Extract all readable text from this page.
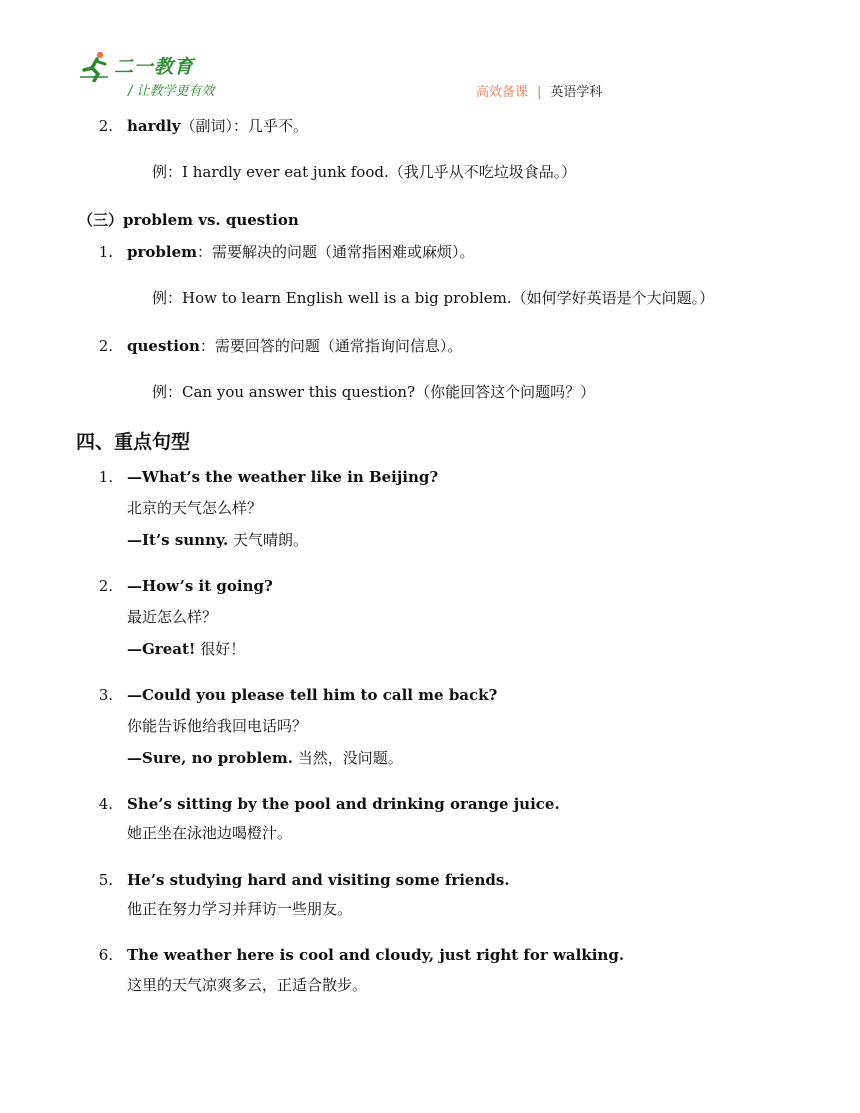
二一教育
/ 让教学更有效	高效备课 | 英语学科
2. hardly（副词）：几乎不。
例：I hardly ever eat junk food.（我几乎从不吃垃圾食品。）
（三）problem vs. question
1. problem：需要解决的问题（通常指困难或麻烦）。
例：How to learn English well is a big problem.（如何学好英语是个大问题。）
2. question：需要回答的问题（通常指询问信息）。
例：Can you answer this question?（你能回答这个问题吗？）
四、重点句型
1. —What’s the weather like in Beijing?
北京的天气怎么样？
—It’s sunny. 天气晴朗。
2. —How’s it going?
最近怎么样？
—Great! 很好！
3. —Could you please tell him to call me back?
你能告诉他给我回电话吗？
—Sure, no problem. 当然，没问题。
4. She’s sitting by the pool and drinking orange juice.
她正坐在泳池边喝橙汁。
5. He’s studying hard and visiting some friends.
他正在努力学习并拜访一些朋友。
6. The weather here is cool and cloudy, just right for walking.
这里的天气凉爽多云，正适合散步。
